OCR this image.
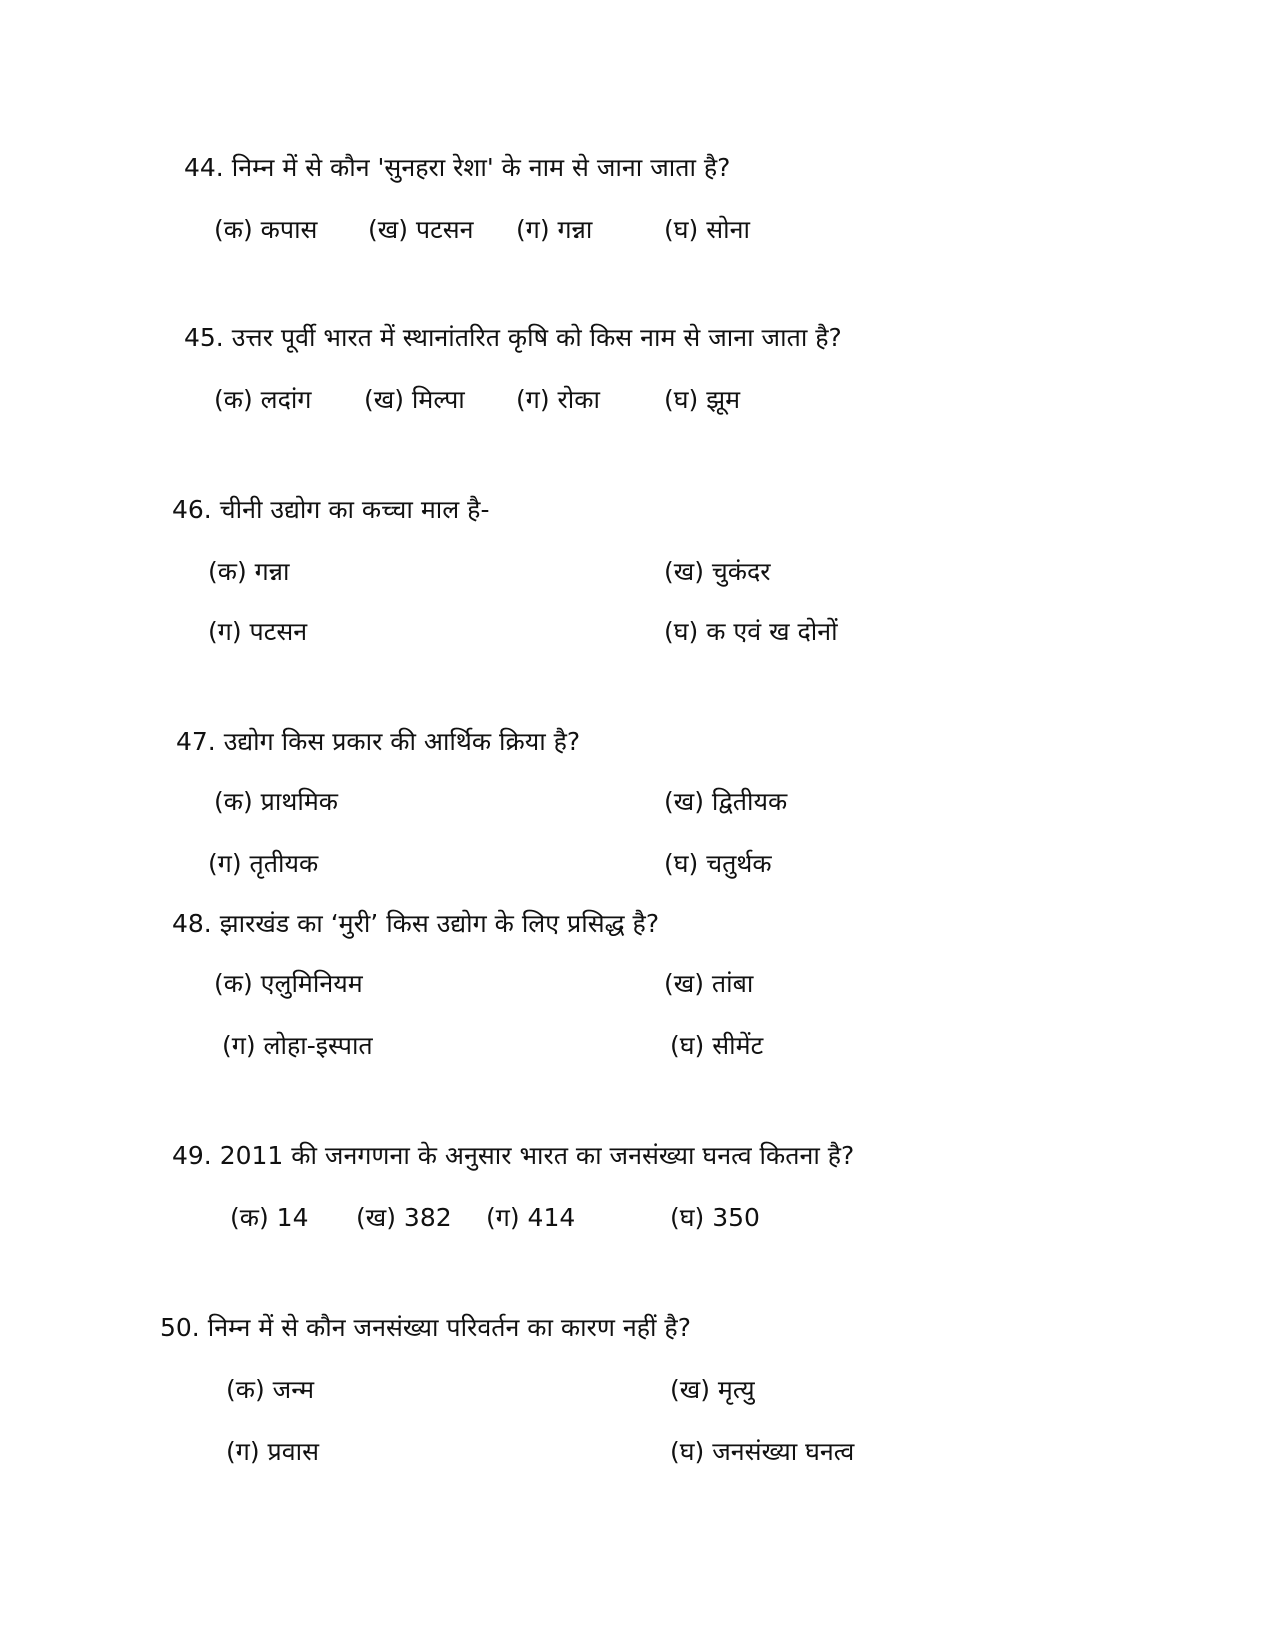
44. निम्न में से कौन 'सुनहरा रेशा' के नाम से जाना जाता है?
(क) कपास (ख) पटसन (ग) गन्ना	(घ) सोना
45. उत्तर पूर्वी भारत में स्थानांतरित कृषि को किस नाम से जाना जाता है?
(क) लदांग (ख) मिल्पा (ग) रोका	(घ) झूम
46. चीनी उद्योग का कच्चा माल है-
(क) गन्ना	(ख) चुकंदर
(ग) पटसन	(घ) क एवं ख दोनों
47. उद्योग किस प्रकार की आर्थिक क्रिया है?
(क) प्राथमिक	(ख) द्वितीयक
(ग) तृतीयक	(घ) चतुर्थक
48. झारखंड का ‘मुरी’ किस उद्योग के लिए प्रसिद्ध है?
(क) एलुमिनियम	(ख) तांबा
(ग) लोहा-इस्पात	(घ) सीमेंट
49. 2011 की जनगणना के अनुसार भारत का जनसंख्या घनत्व कितना है?
(क) 14 (ख) 382 (ग) 414	(घ) 350
50. निम्न में से कौन जनसंख्या परिवर्तन का कारण नहीं है?
(क) जन्म	(ख) मृत्यु
(ग) प्रवास	(घ) जनसंख्या घनत्व
